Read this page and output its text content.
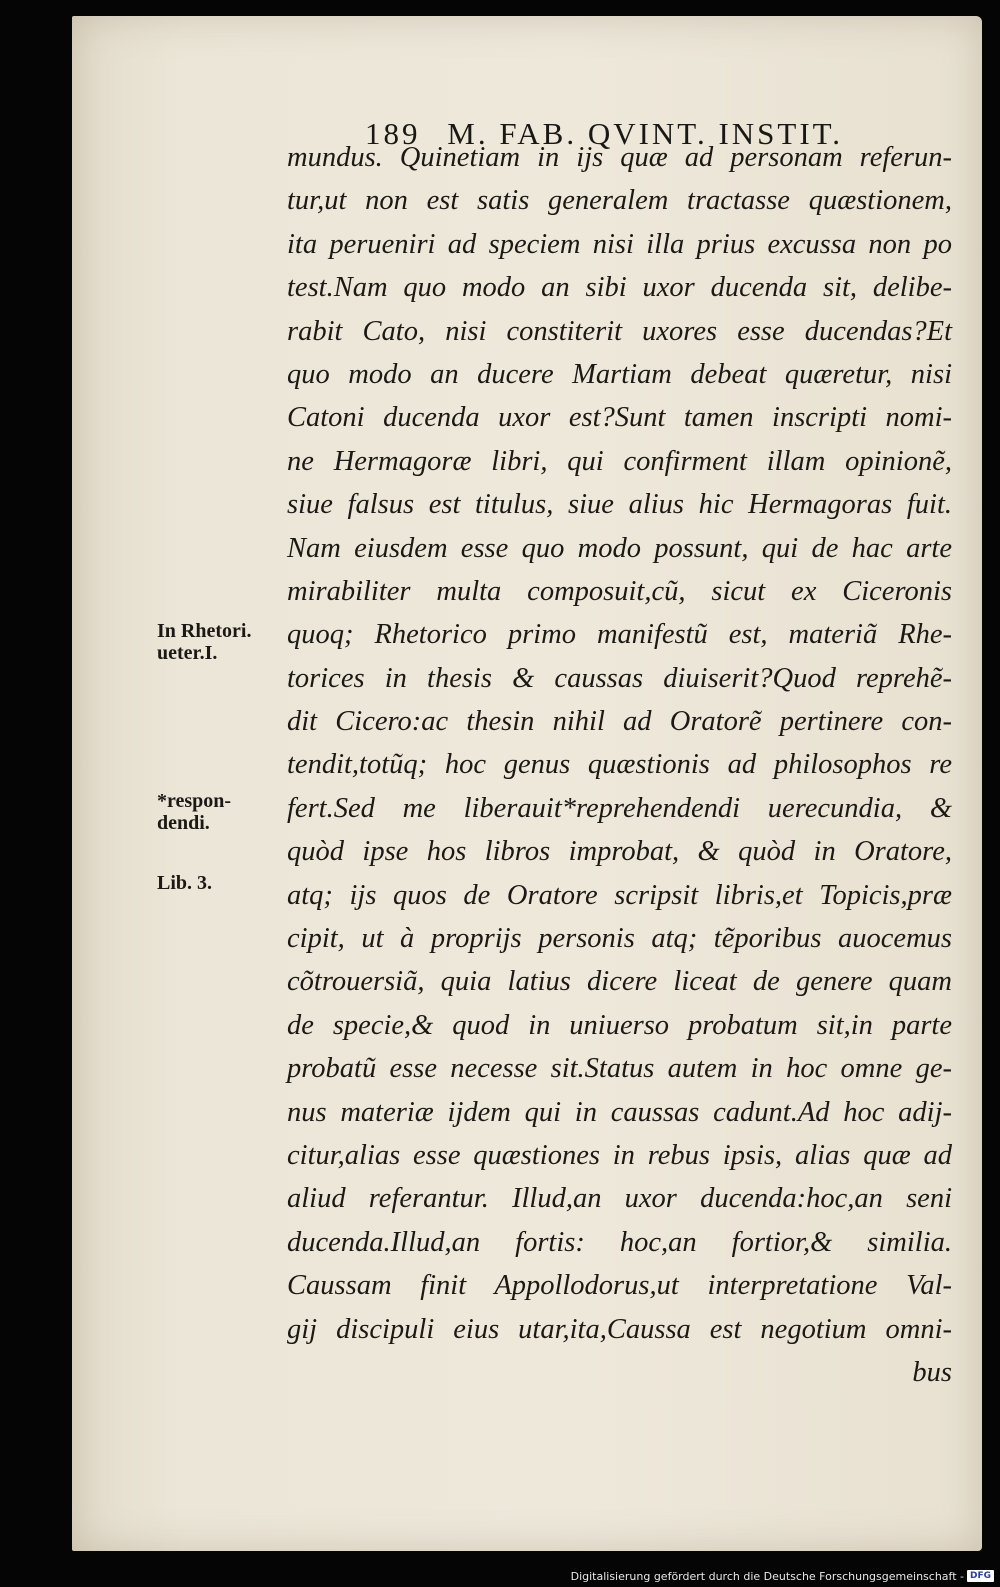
189 M. FAB. QVINT. INSTIT.
mundus. Quinetiam in ijs quæ ad personam referun-
tur,ut non est satis generalem tractasse quæstionem,
ita perueniri ad speciem nisi illa prius excussa non po
test.Nam quo modo an sibi uxor ducenda sit, delibe-
rabit Cato, nisi constiterit uxores esse ducendas?Et
quo modo an ducere Martiam debeat quæretur, nisi
Catoni ducenda uxor est?Sunt tamen inscripti nomi-
ne Hermagoræ libri, qui confirment illam opinionẽ,
siue falsus est titulus, siue alius hic Hermagoras fuit.
Nam eiusdem esse quo modo possunt, qui de hac arte
mirabiliter multa composuit,cũ, sicut ex Ciceronis
quoq; Rhetorico primo manifestũ est, materiã Rhe-
torices in thesis & caussas diuiserit?Quod reprehẽ-
dit Cicero:ac thesin nihil ad Oratorẽ pertinere con-
tendit,totũq; hoc genus quæstionis ad philosophos re
fert.Sed me liberauit*reprehendendi uerecundia, &
quòd ipse hos libros improbat, & quòd in Oratore,
atq; ijs quos de Oratore scripsit libris,et Topicis,præ
cipit, ut à proprijs personis atq; tẽporibus auocemus
cõtrouersiã, quia latius dicere liceat de genere quam
de specie,& quod in uniuerso probatum sit,in parte
probatũ esse necesse sit.Status autem in hoc omne ge-
nus materiæ ijdem qui in caussas cadunt.Ad hoc adij-
citur,alias esse quæstiones in rebus ipsis, alias quæ ad
aliud referantur. Illud,an uxor ducenda:hoc,an seni
ducenda.Illud,an fortis: hoc,an fortior,& similia.
Caussam finit Appollodorus,ut interpretatione Val-
gij discipuli eius utar,ita,Caussa est negotium omni-
bus
In Rhetori.
ueter.I.
*respon-
dendi.
Lib. 3.
Digitalisierung gefördert durch die Deutsche Forschungsgemeinschaft - DFG
